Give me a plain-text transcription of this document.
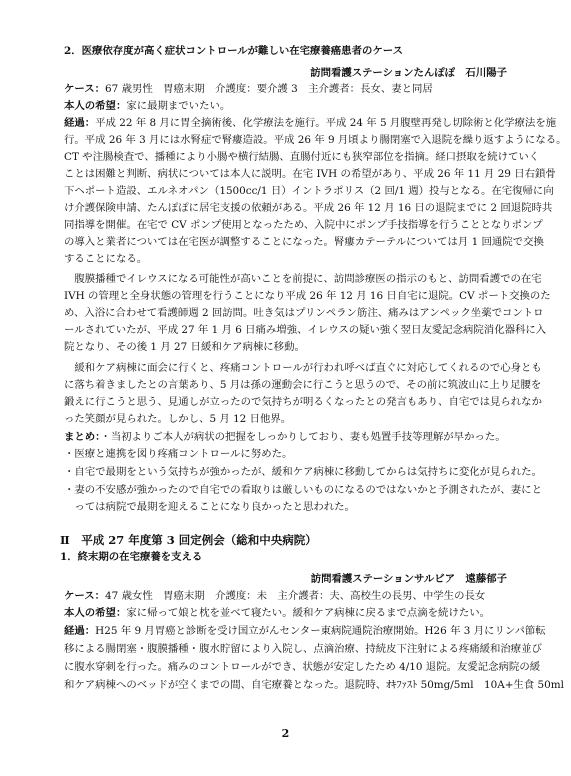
2．医療依存度が高く症状コントロールが難しい在宅療養癌患者のケース
訪問看護ステーションたんぽぽ　石川陽子
ケース：67 歳男性　胃癌末期　介護度：要介護 3　主介護者：長女、妻と同居
本人の希望：家に最期までいたい。
経過：平成 22 年 8 月に胃全摘術後、化学療法を施行。平成 24 年 5 月腹壁再発し切除術と化学療法を施
行。平成 26 年 3 月には水腎症で腎瘻造設。平成 26 年 9 月頃より腸閉塞で入退院を繰り返すようになる。
CT や注腸検査で、播種により小腸や横行結腸、直腸付近にも狭窄部位を指摘。経口摂取を続けていく
ことは困難と判断、病状については本人に説明。在宅 IVH の希望があり、平成 26 年 11 月 29 日右鎖骨
下ヘポート造設、エルネオパン（1500cc/1 日）イントラポリス（2 回/1 週）投与となる。在宅復帰に向
け介護保険申請、たんぽぽに居宅支援の依頼がある。平成 26 年 12 月 16 日の退院までに 2 回退院時共
同指導を開催。在宅で CV ポンプ使用となったため、入院中にポンプ手技指導を行うこととなりポンプ
の導入と業者については在宅医が調整することになった。腎瘻カテーテルについては月 1 回通院で交換
することになる。
　腹膜播種でイレウスになる可能性が高いことを前提に、訪問診療医の指示のもと、訪問看護での在宅
IVH の管理と全身状態の管理を行うことになり平成 26 年 12 月 16 日自宅に退院。CV ポート交換のた
め、入浴に合わせて看護師週 2 回訪問。吐き気はプリンペラン筋注、痛みはアンペック坐薬でコントロ
ールされていたが、平成 27 年 1 月 6 日痛み増強、イレウスの疑い強く翌日友愛記念病院消化器科に入
院となり、その後 1 月 27 日緩和ケア病棟に移動。
　緩和ケア病棟に面会に行くと、疼痛コントロールが行われ呼べば直ぐに対応してくれるので心身とも
に落ち着きましたとの言葉あり、5 月は孫の運動会に行こうと思うので、その前に筑波山に上り足腰を
鍛えに行こうと思う、見通しが立ったので気持ちが明るくなったとの発言もあり、自宅では見られなか
った笑顔が見られた。しかし、5 月 12 日他界。
まとめ：・当初よりご本人が病状の把握をしっかりしており、妻も処置手技等理解が早かった。
・医療と連携を図り疼痛コントロールに努めた。
・自宅で最期をという気持ちが強かったが、緩和ケア病棟に移動してからは気持ちに変化が見られた。
・妻の不安感が強かったので自宅での看取りは厳しいものになるのではないかと予測されたが、妻にと
　っては病院で最期を迎えることになり良かったと思われた。
Ⅱ　平成 27 年度第 3 回定例会（総和中央病院）
1．終末期の在宅療養を支える
訪問看護ステーションサルビア　遠藤郁子
ケース：47 歳女性　胃癌末期　介護度：未　主介護者：夫、高校生の長男、中学生の長女
本人の希望：家に帰って娘と枕を並べて寝たい。緩和ケア病棟に戻るまで点滴を続けたい。
経過：H25 年 9 月胃癌と診断を受け国立がんセンター東病院通院治療開始。H26 年 3 月にリンパ節転
移による腸閉塞・腹膜播種・腹水貯留により入院し、点滴治療、持続皮下注射による疼痛緩和治療並び
に腹水穿刺を行った。痛みのコントロールができ、状態が安定したため 4/10 退院。友愛記念病院の緩
和ケア病棟へのベッドが空くまでの間、自宅療養となった。退院時、ｵｷﾌｧｽﾄ 50mg/5ml　10A+生食 50ml
2
